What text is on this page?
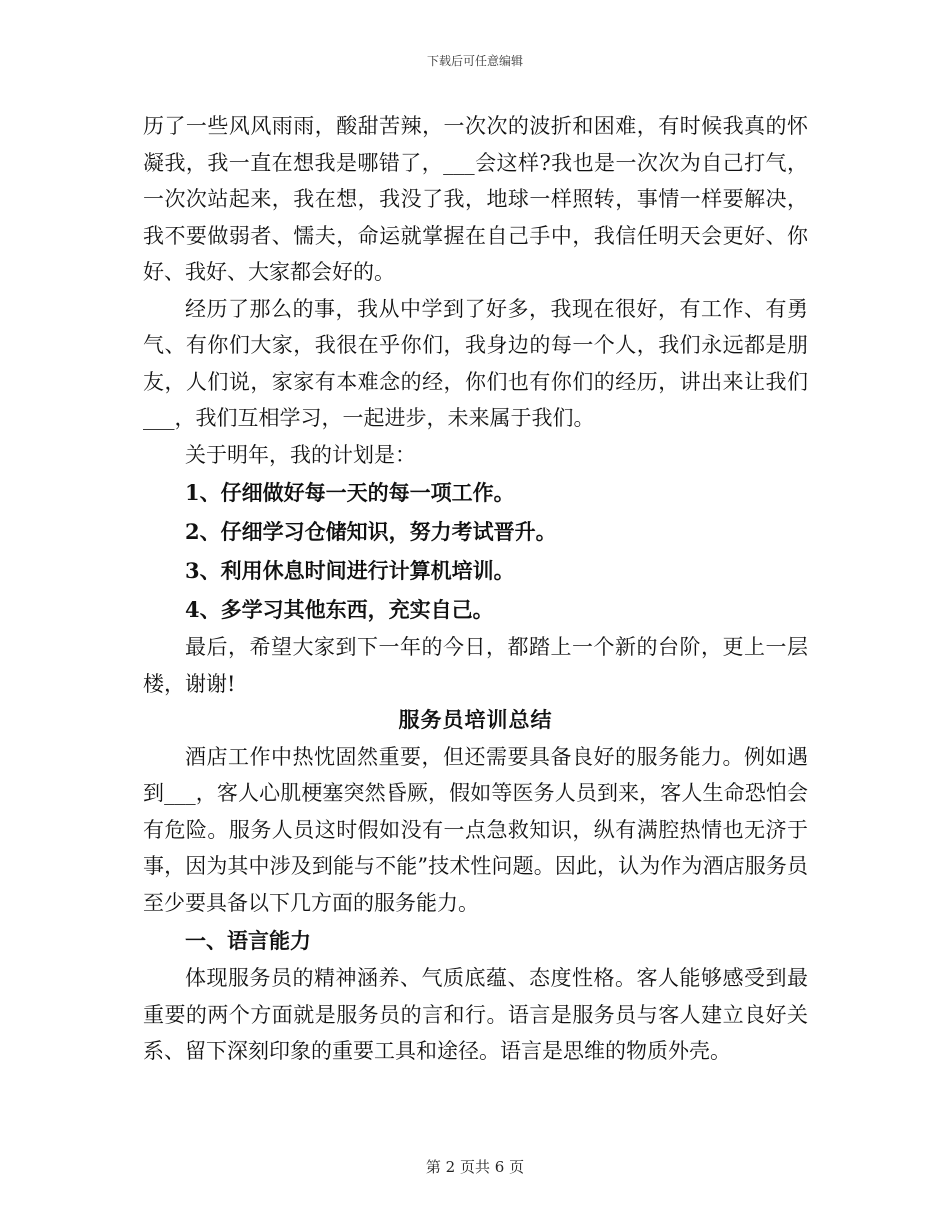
下载后可任意编辑

历了一些风风雨雨，酸甜苦辣，一次次的波折和困难，有时候我真的怀凝我，我一直在想我是哪错了，___会这样?我也是一次次为自己打气，一次次站起来，我在想，我没了我，地球一样照转，事情一样要解决，我不要做弱者、懦夫，命运就掌握在自己手中，我信任明天会更好、你好、我好、大家都会好的。

经历了那么的事，我从中学到了好多，我现在很好，有工作、有勇气、有你们大家，我很在乎你们，我身边的每一个人，我们永远都是朋友，人们说，家家有本难念的经，你们也有你们的经历，讲出来让我们___，我们互相学习，一起进步，未来属于我们。

关于明年，我的计划是：

1、仔细做好每一天的每一项工作。

2、仔细学习仓储知识，努力考试晋升。

3、利用休息时间进行计算机培训。

4、多学习其他东西，充实自己。

最后，希望大家到下一年的今日，都踏上一个新的台阶，更上一层楼，谢谢!

服务员培训总结

酒店工作中热忱固然重要，但还需要具备良好的服务能力。例如遇到___，客人心肌梗塞突然昏厥，假如等医务人员到来，客人生命恐怕会有危险。服务人员这时假如没有一点急救知识，纵有满腔热情也无济于事，因为其中涉及到能与不能”技术性问题。因此，认为作为酒店服务员至少要具备以下几方面的服务能力。

一、语言能力

体现服务员的精神涵养、气质底蕴、态度性格。客人能够感受到最重要的两个方面就是服务员的言和行。语言是服务员与客人建立良好关系、留下深刻印象的重要工具和途径。语言是思维的物质外壳。

第 2 页共 6 页
